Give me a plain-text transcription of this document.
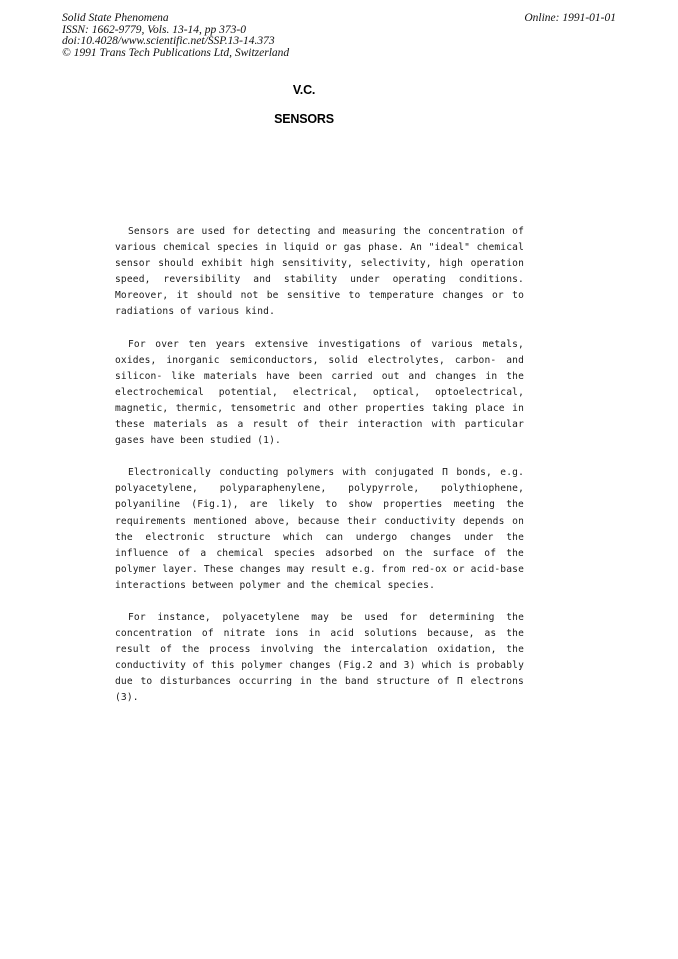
Solid State Phenomena
ISSN: 1662-9779, Vols. 13-14, pp 373-0
doi:10.4028/www.scientific.net/SSP.13-14.373
© 1991 Trans Tech Publications Ltd, Switzerland
Online: 1991-01-01
V.C.
SENSORS

Sensors are used for detecting and measuring the concentration of various chemical species in liquid or gas phase. An "ideal" chemical sensor should exhibit high sensitivity, selectivity, high operation speed, reversibility and stability under operating conditions. Moreover, it should not be sensitive to temperature changes or to radiations of various kind.

For over ten years extensive investigations of various metals, oxides, inorganic semiconductors, solid electrolytes, carbon- and silicon- like materials have been carried out and changes in the electrochemical potential, electrical, optical, optoelectrical, magnetic, thermic, tensometric and other properties taking place in these materials as a result of their interaction with particular gases have been studied (1).

Electronically conducting polymers with conjugated Π bonds, e.g. polyacetylene, polyparaphenylene, polypyrrole, polythiophene, polyaniline (Fig.1), are likely to show properties meeting the requirements mentioned above, because their conductivity depends on the electronic structure which can undergo changes under the influence of a chemical species adsorbed on the surface of the polymer layer. These changes may result e.g. from red-ox or acid-base interactions between polymer and the chemical species.

For instance, polyacetylene may be used for determining the concentration of nitrate ions in acid solutions because, as the result of the process involving the intercalation oxidation, the conductivity of this polymer changes (Fig.2 and 3) which is probably due to disturbances occurring in the band structure of Π electrons (3).
